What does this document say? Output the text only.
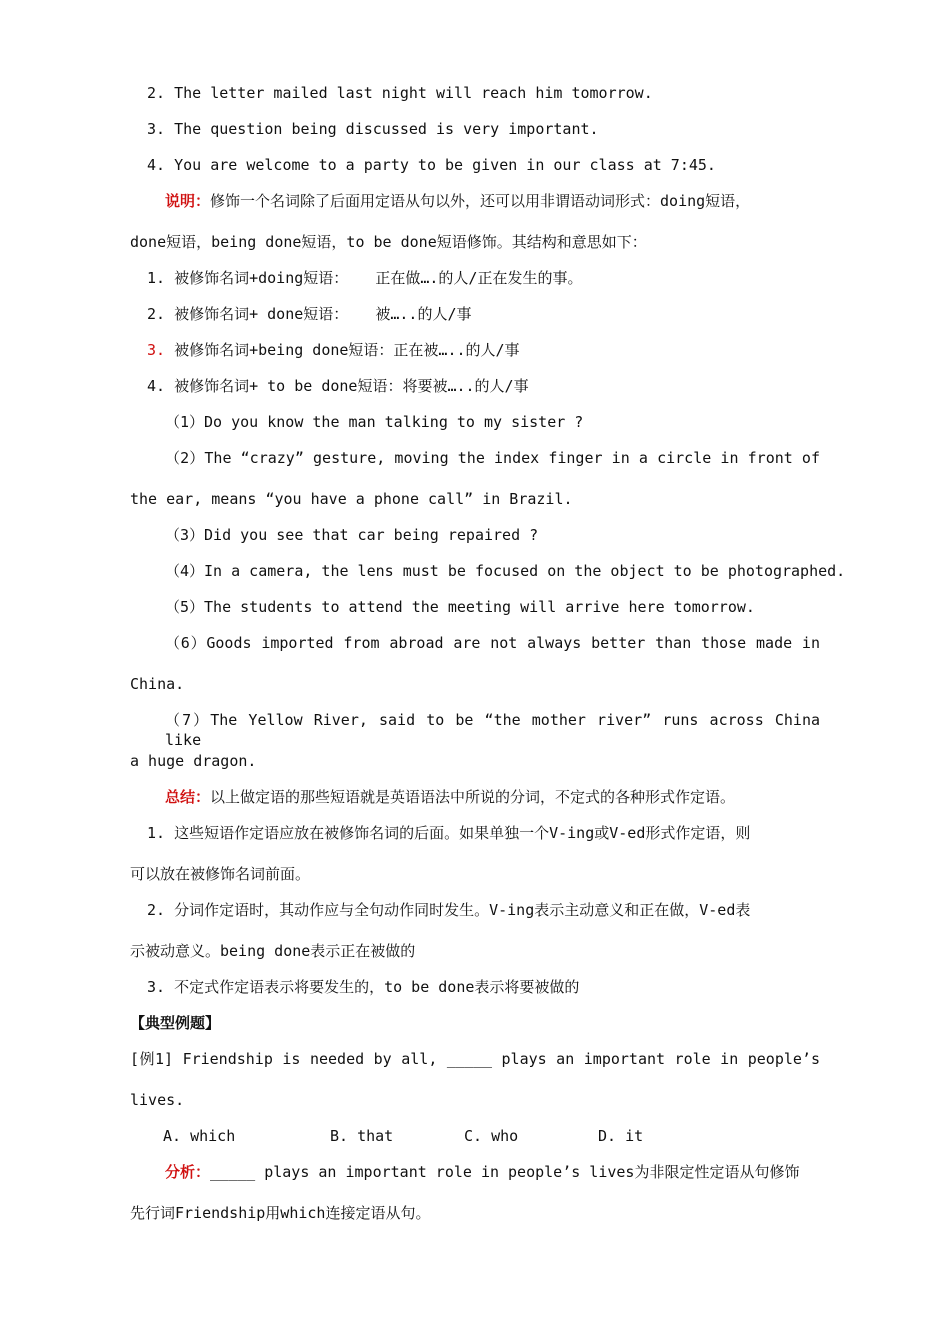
2. The letter mailed last night will reach him tomorrow.
3. The question being discussed is very important.
4. You are welcome to a party to be given in our class at 7:45.
说明：修饰一个名词除了后面用定语从句以外，还可以用非谓语动词形式：doing短语，
done短语，being done短语，to be done短语修饰。其结构和意思如下：
1. 被修饰名词+doing短语：   正在做….的人/正在发生的事。
2. 被修饰名词+ done短语：   被…..的人/事
3. 被修饰名词+being done短语：正在被…..的人/事
4. 被修饰名词+ to be done短语：将要被…..的人/事
（1）Do you know the man talking to my sister ?
（2）The “crazy” gesture, moving the index finger in a circle in front of
the ear, means “you have a phone call” in Brazil.
（3）Did you see that car being repaired ?
（4）In a camera, the lens must be focused on the object to be photographed.
（5）The students to attend the meeting will arrive here tomorrow.
（6）Goods imported from abroad are not always better than those made in
China.
（7）The Yellow River, said to be “the mother river” runs across China like
a huge dragon.
总结：以上做定语的那些短语就是英语语法中所说的分词，不定式的各种形式作定语。
1. 这些短语作定语应放在被修饰名词的后面。如果单独一个V-ing或V-ed形式作定语，则
可以放在被修饰名词前面。
2. 分词作定语时，其动作应与全句动作同时发生。V-ing表示主动意义和正在做，V-ed表
示被动意义。being done表示正在被做的
3. 不定式作定语表示将要发生的，to be done表示将要被做的
【典型例题】
[例1] Friendship is needed by all, _____ plays an important role in people’s
lives.
A. which	B. that	C. who	D. it
分析：_____ plays an important role in people’s lives为非限定性定语从句修饰
先行词Friendship用which连接定语从句。
